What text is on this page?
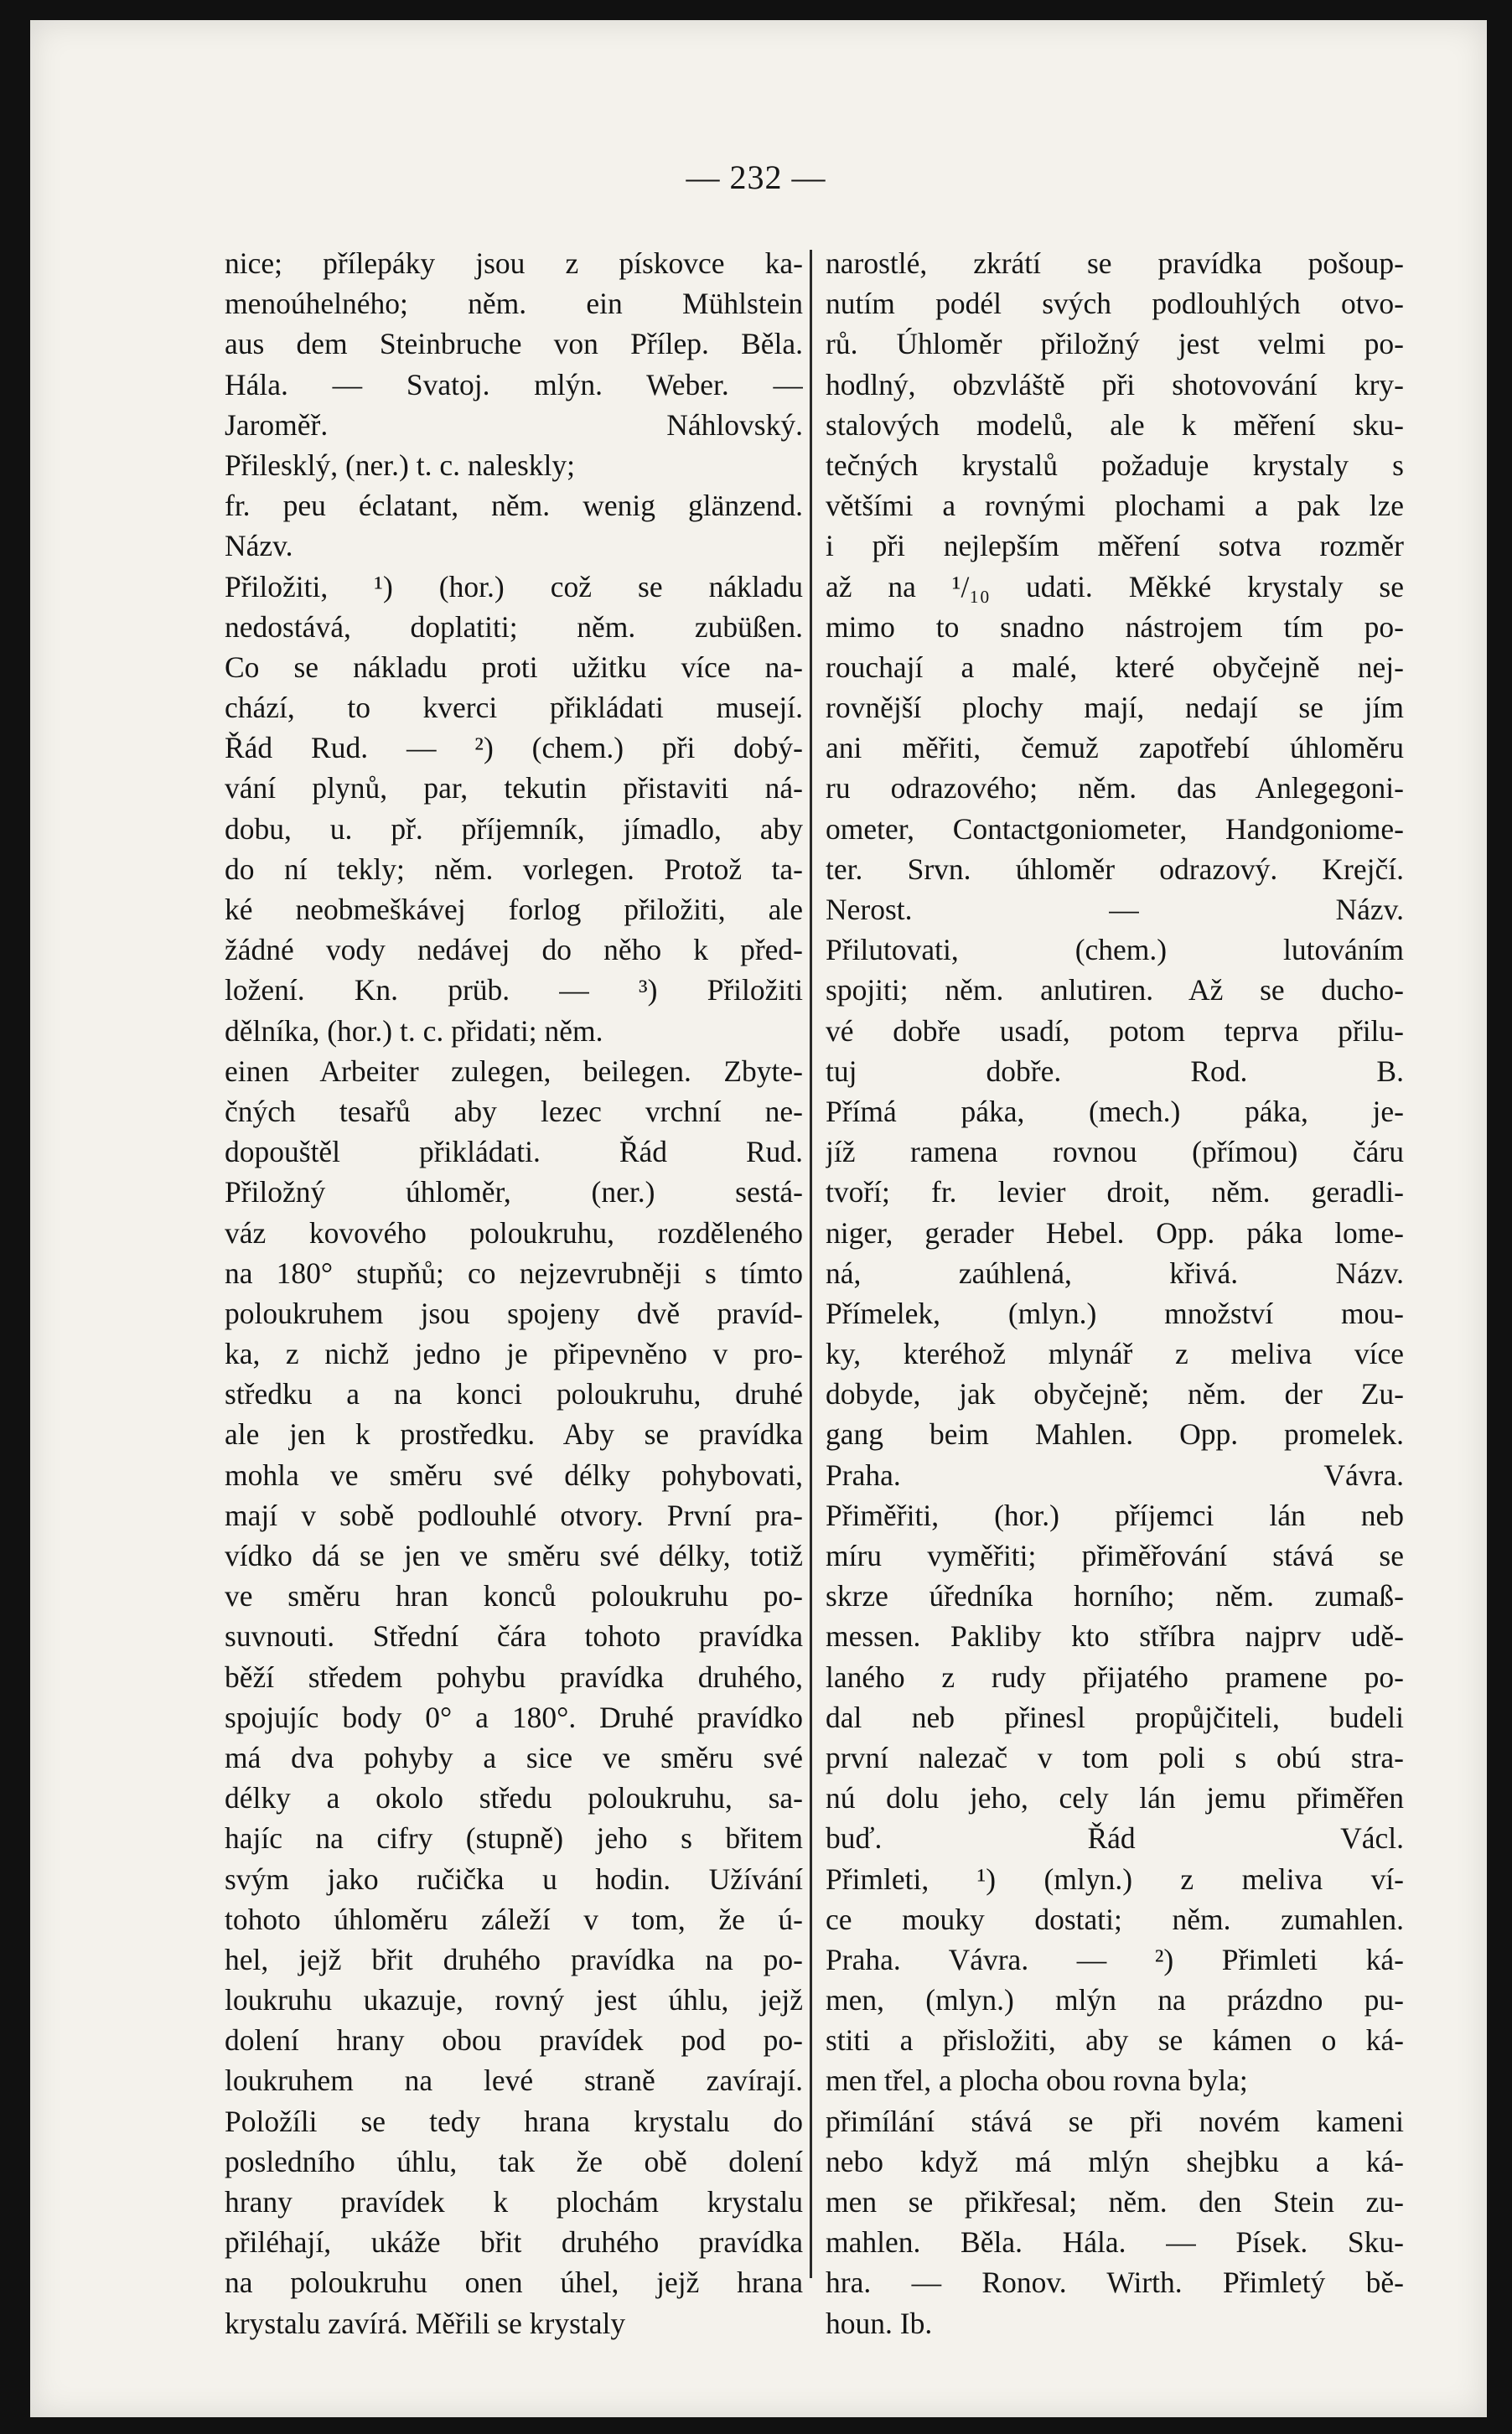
— 232 —
nice; přílepáky jsou z pískovce ka-
menoúhelného; něm. ein Mühlstein
aus dem Steinbruche von Přílep. Běla.
Hála. — Svatoj. mlýn. Weber. —
Jaroměř. Náhlovský.
Přilesklý, (ner.) t. c. naleskly;
fr. peu éclatant, něm. wenig glänzend.
Názv.
Přiložiti, ¹) (hor.) což se nákladu
nedostává, doplatiti; něm. zubüßen.
Co se nákladu proti užitku více na-
chází, to kverci přikládati musejí.
Řád Rud. — ²) (chem.) při dobý-
vání plynů, par, tekutin přistaviti ná-
dobu, u. př. příjemník, jímadlo, aby
do ní tekly; něm. vorlegen. Protož ta-
ké neobmeškávej forlog přiložiti, ale
žádné vody nedávej do něho k před-
ložení. Kn. prüb. — ³) Přiložiti
dělníka, (hor.) t. c. přidati; něm.
einen Arbeiter zulegen, beilegen. Zbyte-
čných tesařů aby lezec vrchní ne-
dopouštěl přikládati. Řád Rud.
Přiložný úhloměr, (ner.) sestá-
váz kovového poloukruhu, rozděleného
na 180° stupňů; co nejzevrubněji s tímto
poloukruhem jsou spojeny dvě pravíd-
ka, z nichž jedno je připevněno v pro-
středku a na konci poloukruhu, druhé
ale jen k prostředku. Aby se pravídka
mohla ve směru své délky pohybovati,
mají v sobě podlouhlé otvory. První pra-
vídko dá se jen ve směru své délky, totiž
ve směru hran konců poloukruhu po-
suvnouti. Střední čára tohoto pravídka
běží středem pohybu pravídka druhého,
spojujíc body 0° a 180°. Druhé pravídko
má dva pohyby a sice ve směru své
délky a okolo středu poloukruhu, sa-
hajíc na cifry (stupně) jeho s břitem
svým jako ručička u hodin. Užívání
tohoto úhloměru záleží v tom, že ú-
hel, jejž břit druhého pravídka na po-
loukruhu ukazuje, rovný jest úhlu, jejž
dolení hrany obou pravídek pod po-
loukruhem na levé straně zavírají.
Položíli se tedy hrana krystalu do
posledního úhlu, tak že obě dolení
hrany pravídek k plochám krystalu
přiléhají, ukáže břit druhého pravídka
na poloukruhu onen úhel, jejž hrana
krystalu zavírá. Měřili se krystaly
narostlé, zkrátí se pravídka pošoup-
nutím podél svých podlouhlých otvo-
rů. Úhloměr přiložný jest velmi po-
hodlný, obzvláště při shotovování kry-
stalových modelů, ale k měření sku-
tečných krystalů požaduje krystaly s
většími a rovnými plochami a pak lze
i při nejlepším měření sotva rozměr
až na ¹/₁₀ udati. Měkké krystaly se
mimo to snadno nástrojem tím po-
rouchají a malé, které obyčejně nej-
rovnější plochy mají, nedají se jím
ani měřiti, čemuž zapotřebí úhloměru
ru odrazového; něm. das Anlegegoni-
ometer, Contactgoniometer, Handgoniome-
ter. Srvn. úhloměr odrazový. Krejčí.
Nerost. — Názv.
Přilutovati, (chem.) lutováním
spojiti; něm. anlutiren. Až se ducho-
vé dobře usadí, potom teprva přilu-
tuj dobře. Rod. B.
Přímá páka, (mech.) páka, je-
jíž ramena rovnou (přímou) čáru
tvoří; fr. levier droit, něm. geradli-
niger, gerader Hebel. Opp. páka lome-
ná, zaúhlená, křivá. Názv.
Přímelek, (mlyn.) množství mou-
ky, kteréhož mlynář z meliva více
dobyde, jak obyčejně; něm. der Zu-
gang beim Mahlen. Opp. promelek.
Praha. Vávra.
Přiměřiti, (hor.) příjemci lán neb
míru vyměřiti; přiměřování stává se
skrze úředníka horního; něm. zumaß-
messen. Pakliby kto stříbra najprv udě-
laného z rudy přijatého pramene po-
dal neb přinesl propůjčiteli, budeli
první nalezač v tom poli s obú stra-
nú dolu jeho, cely lán jemu přiměřen
buď. Řád Václ.
Přimleti, ¹) (mlyn.) z meliva ví-
ce mouky dostati; něm. zumahlen.
Praha. Vávra. — ²) Přimleti ká-
men, (mlyn.) mlýn na prázdno pu-
stiti a přisložiti, aby se kámen o ká-
men třel, a plocha obou rovna byla;
přimílání stává se při novém kameni
nebo když má mlýn shejbku a ká-
men se přikřesal; něm. den Stein zu-
mahlen. Běla. Hála. — Písek. Sku-
hra. — Ronov. Wirth. Přimletý bě-
houn. Ib.
